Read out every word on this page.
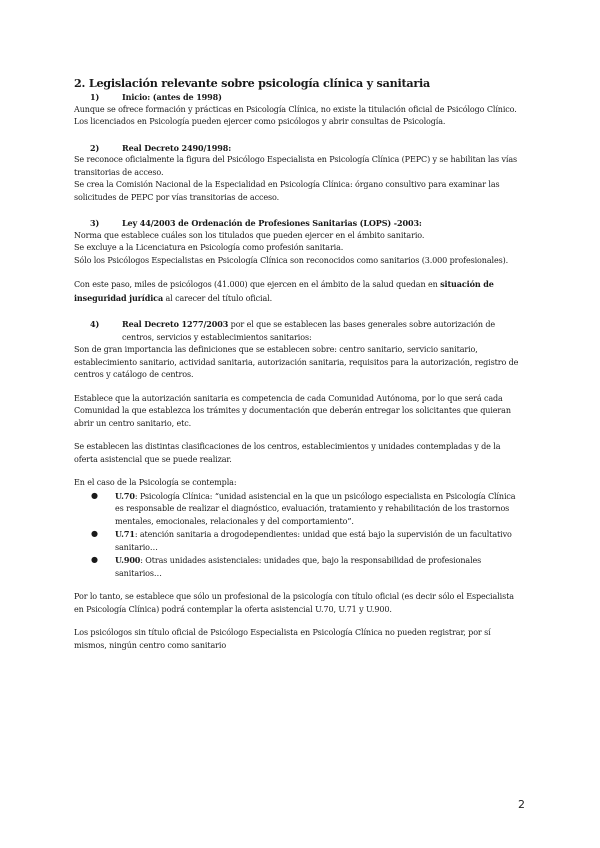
2. Legislación relevante sobre psicología clínica y sanitaria
1)	Inicio: (antes de 1998)

Aunque se ofrece formación y prácticas en Psicología Clínica, no existe la titulación oficial de Psicólogo Clínico.

Los licenciados en Psicología pueden ejercer como psicólogos y abrir consultas de Psicología.

2)	Real Decreto 2490/1998:

Se reconoce oficialmente la figura del Psicólogo Especialista en Psicología Clínica (PEPC) y se habilitan las vías transitorias de acceso.

Se crea la Comisión Nacional de la Especialidad en Psicología Clínica: órgano consultivo para examinar las solicitudes de PEPC por vías transitorias de acceso.

3)	Ley 44/2003 de Ordenación de Profesiones Sanitarias (LOPS) -2003:

Norma que establece cuáles son los titulados que pueden ejercer en el ámbito sanitario.

Se excluye a la Licenciatura en Psicología como profesión sanitaria.

Sólo los Psicólogos Especialistas en Psicología Clínica son reconocidos como sanitarios (3.000 profesionales).

Con este paso, miles de psicólogos (41.000) que ejercen en el ámbito de la salud quedan en situación de inseguridad jurídica al carecer del título oficial.

4)	Real Decreto 1277/2003 por el que se establecen las bases generales sobre autorización de centros, servicios y establecimientos sanitarios:

Son de gran importancia las definiciones que se establecen sobre: centro sanitario, servicio sanitario, establecimiento sanitario, actividad sanitaria, autorización sanitaria, requisitos para la autorización, registro de centros y catálogo de centros.

Establece que la autorización sanitaria es competencia de cada Comunidad Autónoma, por lo que será cada Comunidad la que establezca los trámites y documentación que deberán entregar los solicitantes que quieran abrir un centro sanitario, etc.

Se establecen las distintas clasificaciones de los centros, establecimientos y unidades contempladas y de la oferta asistencial que se puede realizar.

En el caso de la Psicología se contempla:

● U.70: Psicología Clínica: “unidad asistencial en la que un psicólogo especialista en Psicología Clínica es responsable de realizar el diagnóstico, evaluación, tratamiento y rehabilitación de los trastornos mentales, emocionales, relacionales y del comportamiento”.
● U.71: atención sanitaria a drogodependientes: unidad que está bajo la supervisión de un facultativo sanitario…
● U.900: Otras unidades asistenciales: unidades que, bajo la responsabilidad de profesionales sanitarios…

Por lo tanto, se establece que sólo un profesional de la psicología con título oficial (es decir sólo el Especialista en Psicología Clínica) podrá contemplar la oferta asistencial U.70, U.71 y U.900.

Los psicólogos sin título oficial de Psicólogo Especialista en Psicología Clínica no pueden registrar, por sí mismos, ningún centro como sanitario

2
